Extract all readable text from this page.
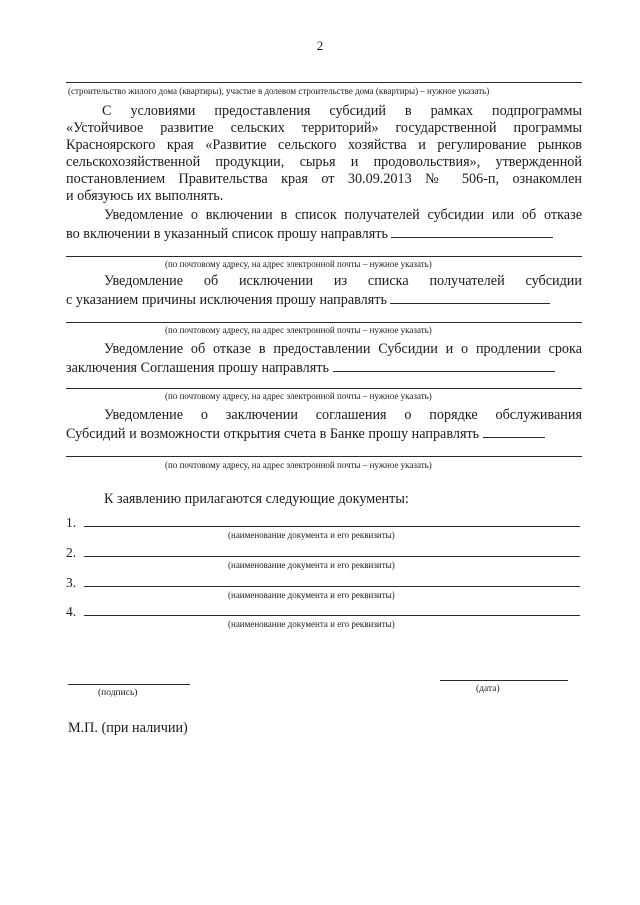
2
(строительство жилого дома (квартиры), участие в долевом строительстве дома (квартиры) – нужное указать)
С условиями предоставления субсидий в рамках подпрограммы
«Устойчивое развитие сельских территорий» государственной программы
Красноярского края «Развитие сельского хозяйства и регулирование рынков
сельскохозяйственной продукции, сырья и продовольствия», утвержденной
постановлением Правительства края от 30.09.2013 № 506-п, ознакомлен
и обязуюсь их выполнять.
Уведомление о включении в список получателей субсидии или об отказе
во включении в указанный список прошу направлять
(по почтовому адресу, на адрес электронной почты – нужное указать)
Уведомление об исключении из списка получателей субсидии
с указанием причины исключения прошу направлять
(по почтовому адресу, на адрес электронной почты – нужное указать)
Уведомление об отказе в предоставлении Субсидии и о продлении срока
заключения Соглашения прошу направлять
(по почтовому адресу, на адрес электронной почты – нужное указать)
Уведомление о заключении соглашения о порядке обслуживания
Субсидий и возможности открытия счета в Банке прошу направлять
(по почтовому адресу, на адрес электронной почты – нужное указать)
К заявлению прилагаются следующие документы:
1.
(наименование документа и его реквизиты)
2.
(наименование документа и его реквизиты)
3.
(наименование документа и его реквизиты)
4.
(наименование документа и его реквизиты)
(подпись)	(дата)
М.П. (при наличии)
